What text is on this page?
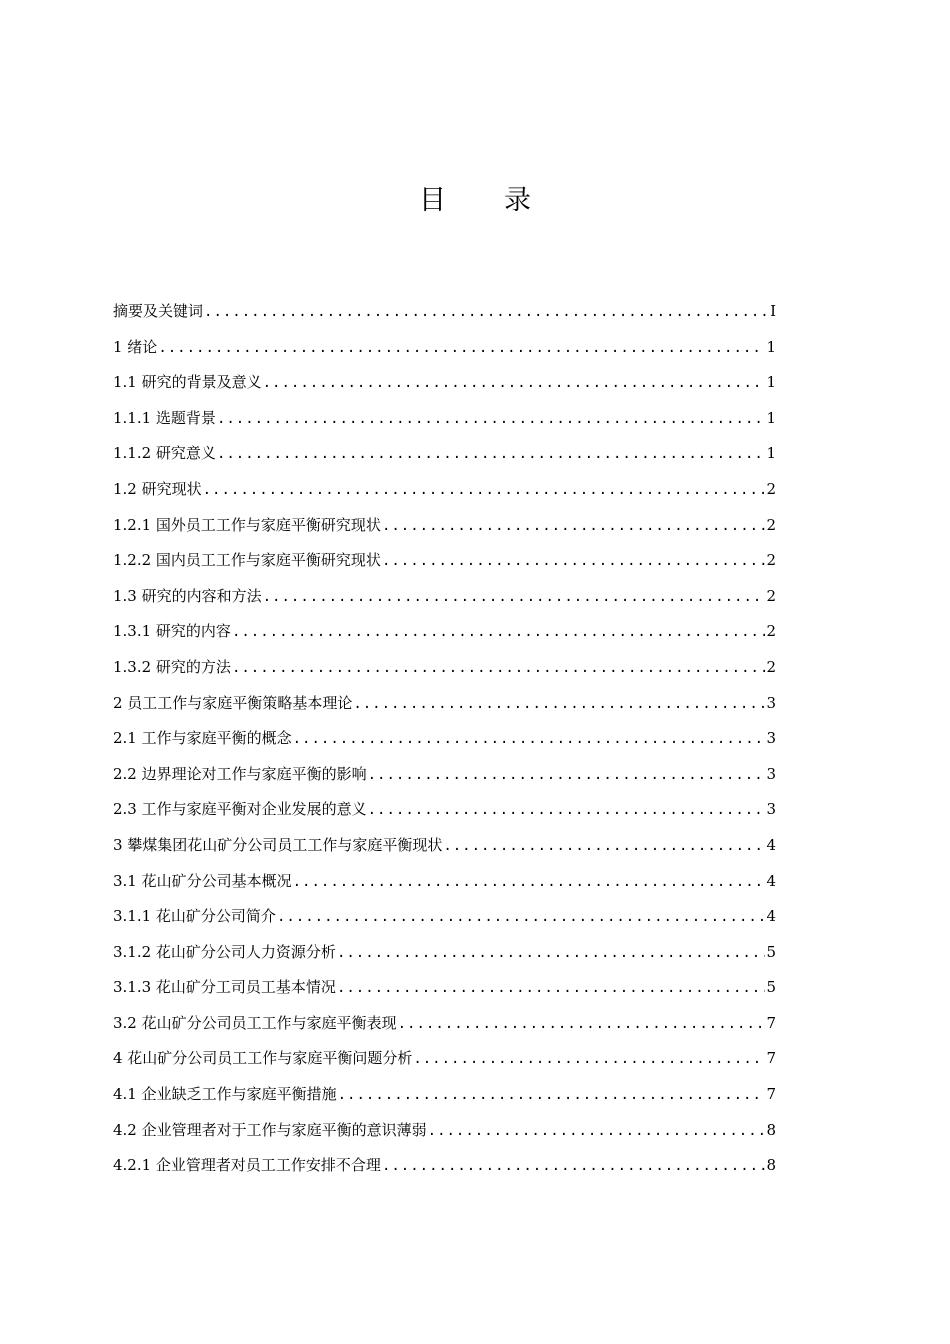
目录
摘要及关键词 .....	I
1 绪论 .....	1
1.1 研究的背景及意义 .....	1
1.1.1 选题背景 .....	1
1.1.2 研究意义 .....	1
1.2 研究现状 .....	2
1.2.1 国外员工工作与家庭平衡研究现状 .....	2
1.2.2 国内员工工作与家庭平衡研究现状 .....	2
1.3 研究的内容和方法 .....	2
1.3.1 研究的内容 .....	2
1.3.2 研究的方法 .....	2
2 员工工作与家庭平衡策略基本理论 .....	3
2.1 工作与家庭平衡的概念 .....	3
2.2 边界理论对工作与家庭平衡的影响 .....	3
2.3 工作与家庭平衡对企业发展的意义 .....	3
3 攀煤集团花山矿分公司员工工作与家庭平衡现状 .....	4
3.1 花山矿分公司基本概况 .....	4
3.1.1 花山矿分公司简介 .....	4
3.1.2 花山矿分公司人力资源分析 .....	5
3.1.3 花山矿分工司员工基本情况 .....	5
3.2 花山矿分公司员工工作与家庭平衡表现 .....	7
4 花山矿分公司员工工作与家庭平衡问题分析 .....	7
4.1 企业缺乏工作与家庭平衡措施 .....	7
4.2 企业管理者对于工作与家庭平衡的意识薄弱 .....	8
4.2.1 企业管理者对员工工作安排不合理 .....	8
